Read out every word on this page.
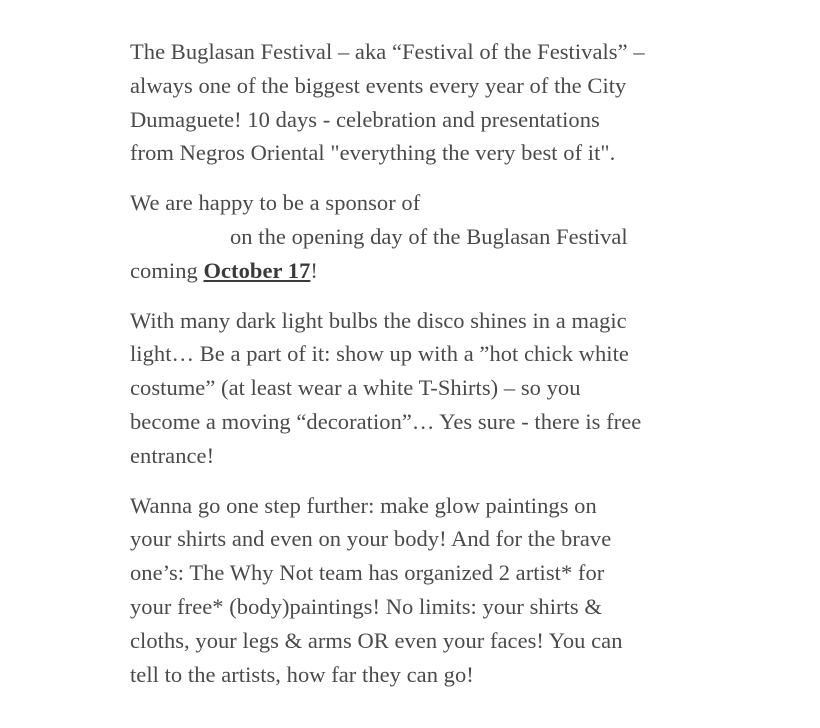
The Buglasan Festival – aka “Festival of the Festivals” –
always one of the biggest events every year of the City
Dumaguete! 10 days - celebration and presentations
from Negros Oriental "everything the very best of it".

We are happy to be a sponsor of
on the opening day of the Buglasan Festival
coming October 17!

With many dark light bulbs the disco shines in a magic
light… Be a part of it: show up with a ”hot chick white
costume” (at least wear a white T-Shirts) – so you
become a moving “decoration”… Yes sure - there is free
entrance!

Wanna go one step further: make glow paintings on
your shirts and even on your body! And for the brave
one’s: The Why Not team has organized 2 artist* for
your free* (body)paintings! No limits: your shirts &
cloths, your legs & arms OR even your faces! You can
tell to the artists, how far they can go!
